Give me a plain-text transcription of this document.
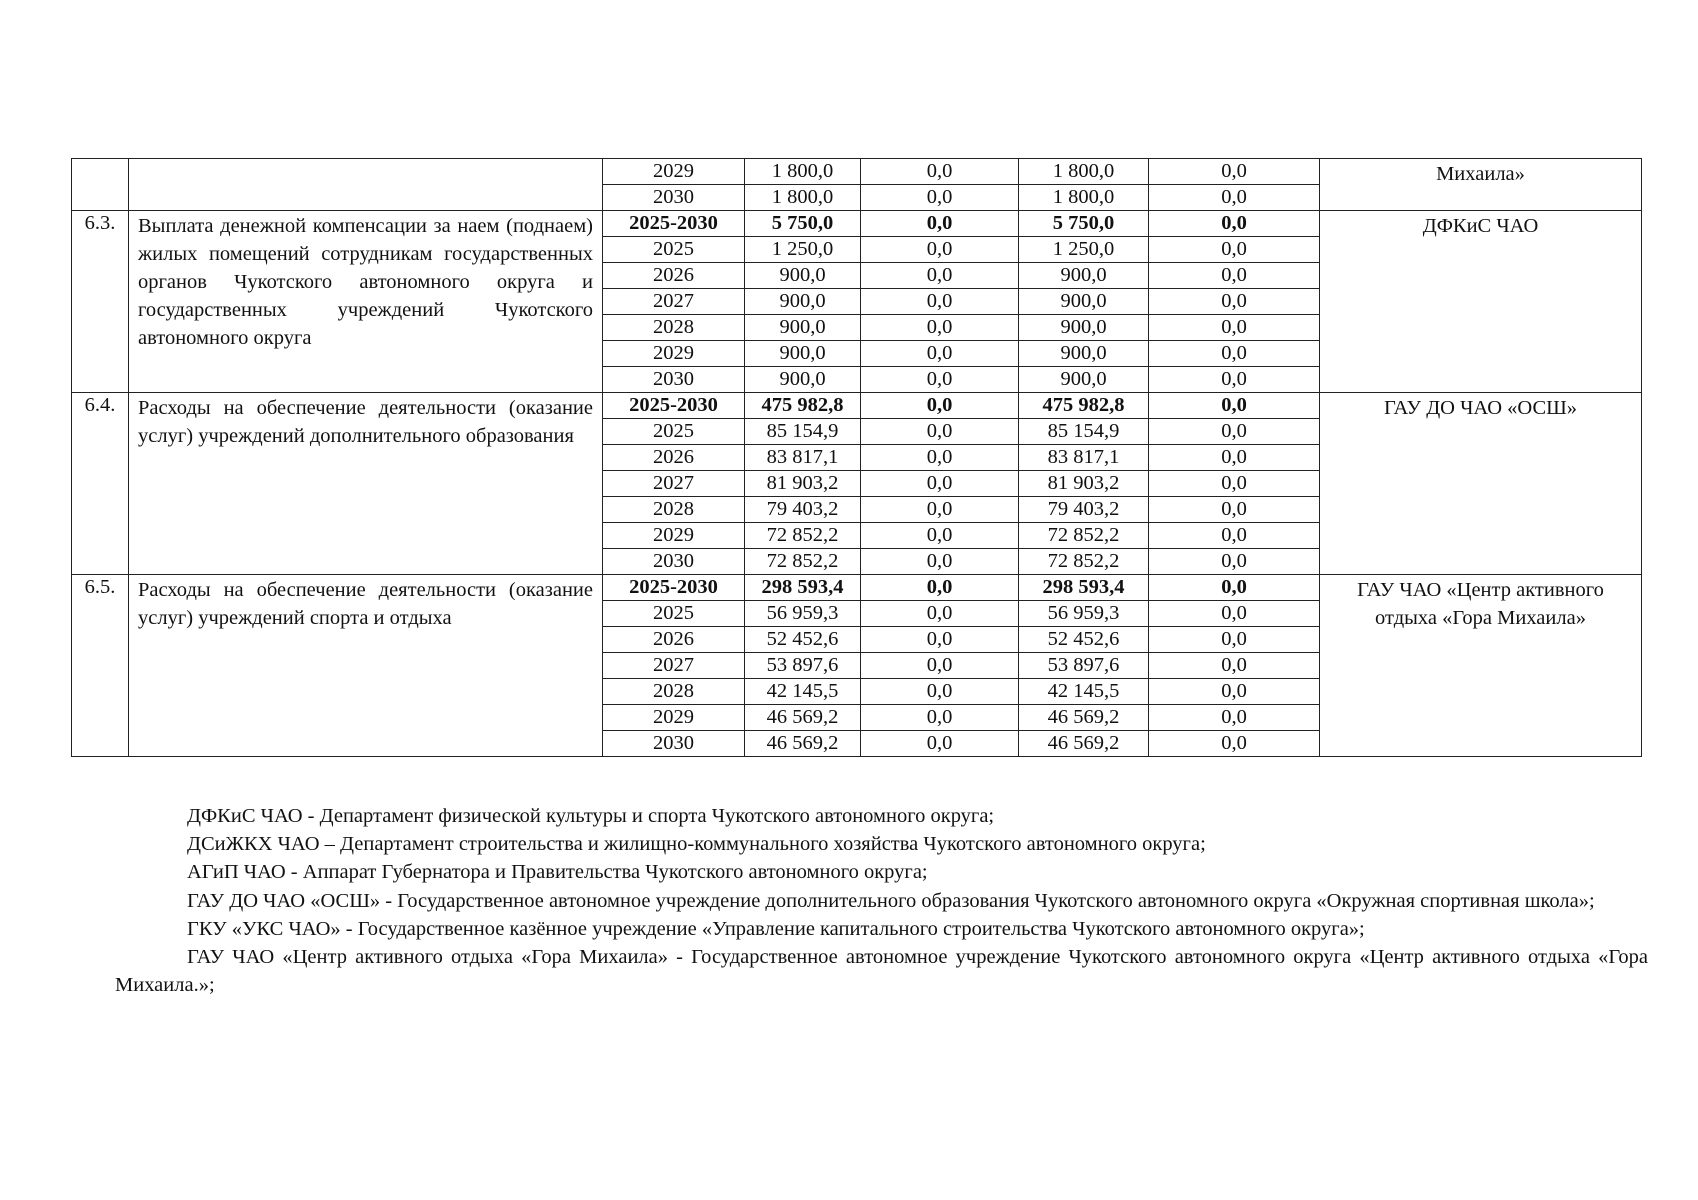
		2029	1 800,0	0,0	1 800,0	0,0	Михаила»
		2030	1 800,0	0,0	1 800,0	0,0	
6.3.	Выплата денежной компенсации за наем (поднаем) жилых помещений сотрудникам государственных органов Чукотского автономного округа и государственных учреждений Чукотского автономного округа	2025-2030	5 750,0	0,0	5 750,0	0,0	ДФКиС ЧАО
		2025	1 250,0	0,0	1 250,0	0,0	
		2026	900,0	0,0	900,0	0,0	
		2027	900,0	0,0	900,0	0,0	
		2028	900,0	0,0	900,0	0,0	
		2029	900,0	0,0	900,0	0,0	
		2030	900,0	0,0	900,0	0,0	
6.4.	Расходы на обеспечение деятельности (оказание услуг) учреждений дополнительного образования	2025-2030	475 982,8	0,0	475 982,8	0,0	ГАУ ДО ЧАО «ОСШ»
		2025	85 154,9	0,0	85 154,9	0,0	
		2026	83 817,1	0,0	83 817,1	0,0	
		2027	81 903,2	0,0	81 903,2	0,0	
		2028	79 403,2	0,0	79 403,2	0,0	
		2029	72 852,2	0,0	72 852,2	0,0	
		2030	72 852,2	0,0	72 852,2	0,0	
6.5.	Расходы на обеспечение деятельности (оказание услуг) учреждений спорта и отдыха	2025-2030	298 593,4	0,0	298 593,4	0,0	ГАУ ЧАО «Центр активного отдыха «Гора Михаила»
		2025	56 959,3	0,0	56 959,3	0,0	
		2026	52 452,6	0,0	52 452,6	0,0	
		2027	53 897,6	0,0	53 897,6	0,0	
		2028	42 145,5	0,0	42 145,5	0,0	
		2029	46 569,2	0,0	46 569,2	0,0	
		2030	46 569,2	0,0	46 569,2	0,0	

ДФКиС ЧАО - Департамент физической культуры и спорта Чукотского автономного округа;

ДСиЖКХ ЧАО – Департамент строительства и жилищно-коммунального хозяйства Чукотского автономного округа;

АГиП ЧАО - Аппарат Губернатора и Правительства Чукотского автономного округа;

ГАУ ДО ЧАО «ОСШ» - Государственное автономное учреждение дополнительного образования Чукотского автономного округа «Окружная спортивная школа»;

ГКУ «УКС ЧАО» - Государственное казённое учреждение «Управление капитального строительства Чукотского автономного округа»;

ГАУ ЧАО «Центр активного отдыха «Гора Михаила» - Государственное автономное учреждение Чукотского автономного округа «Центр активного отдыха «Гора Михаила.»;
